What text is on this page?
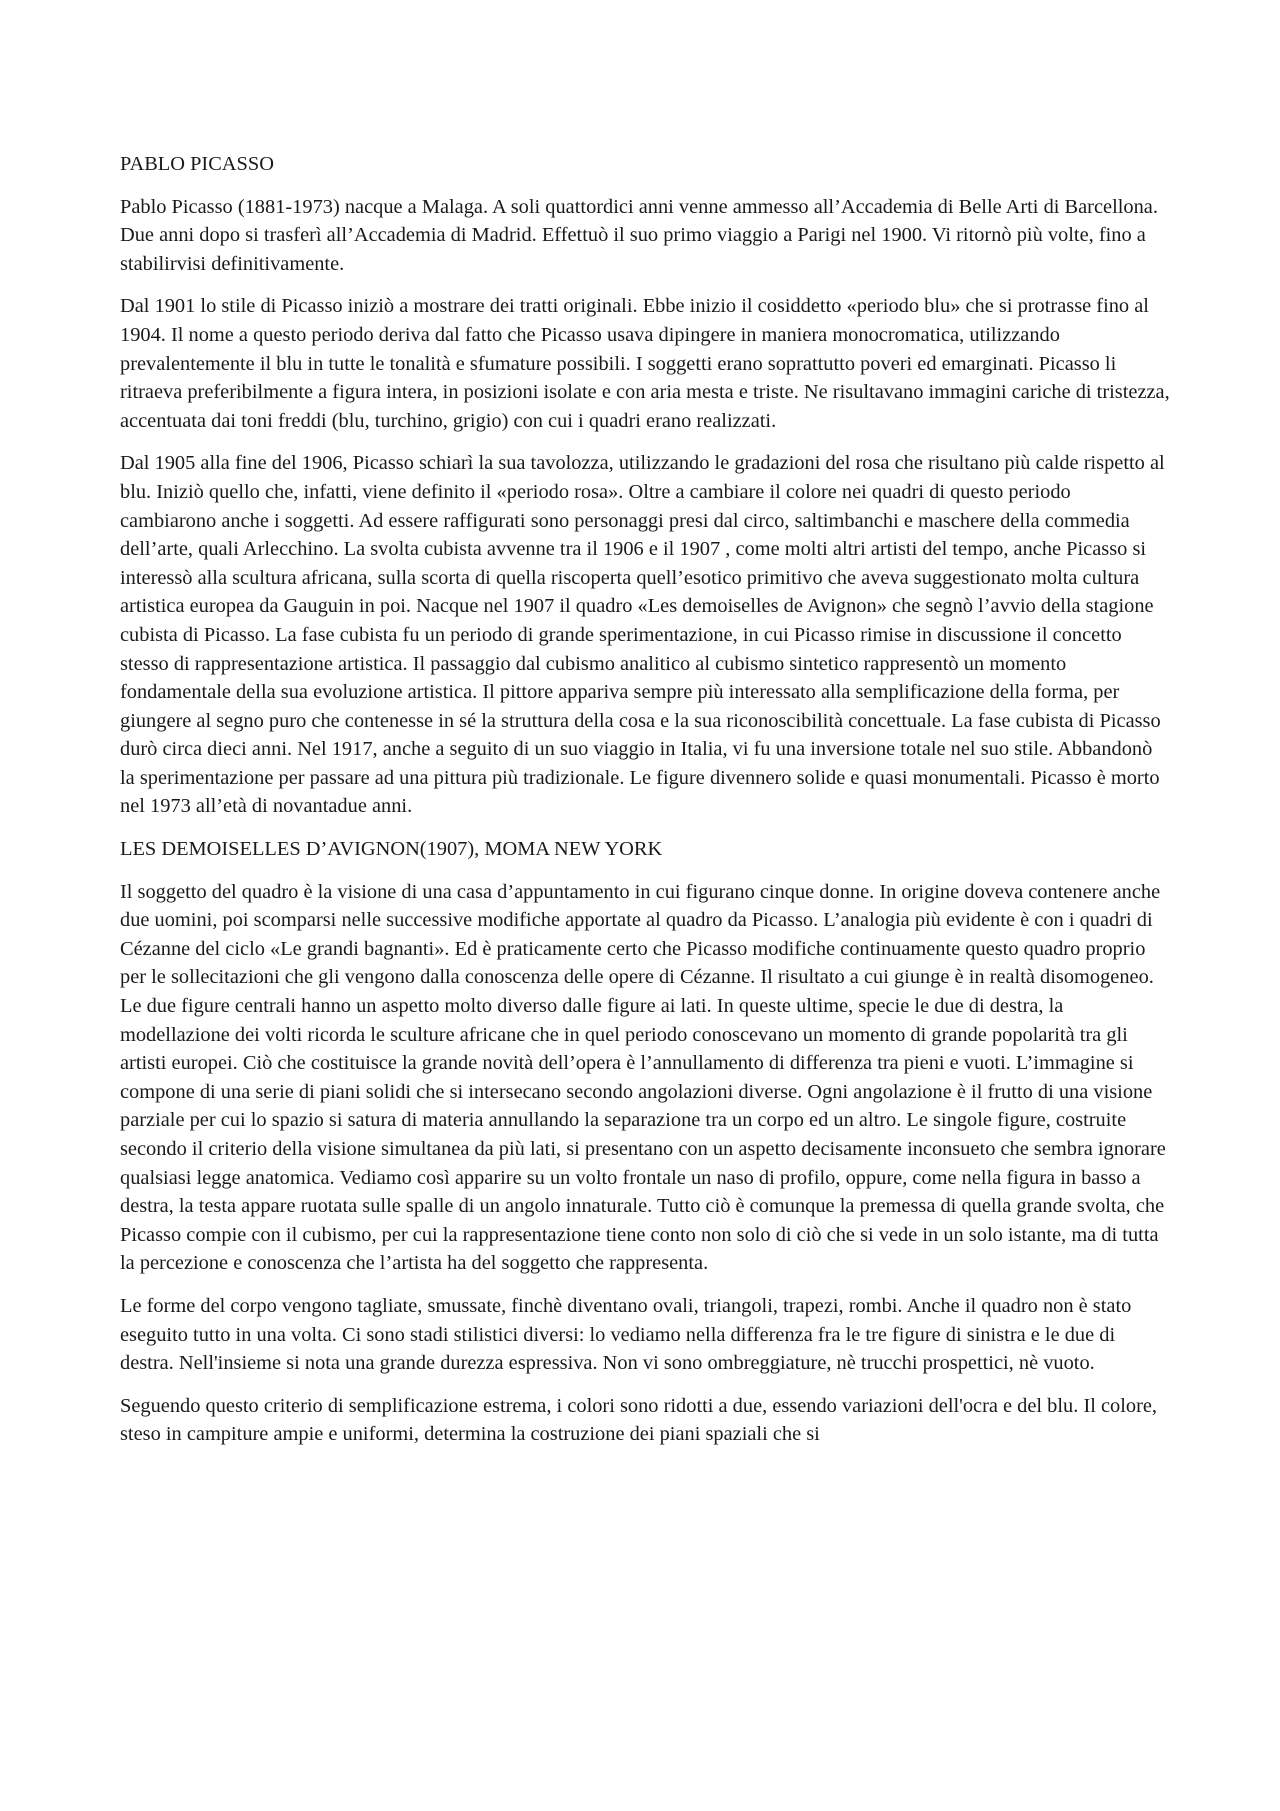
PABLO PICASSO

Pablo Picasso (1881-1973) nacque a Malaga. A soli quattordici anni venne ammesso all’Accademia di Belle Arti di Barcellona. Due anni dopo si trasferì all’Accademia di Madrid. Effettuò il suo primo viaggio a Parigi nel 1900. Vi ritornò più volte, fino a stabilirvisi definitivamente.

Dal 1901 lo stile di Picasso iniziò a mostrare dei tratti originali. Ebbe inizio il cosiddetto «periodo blu» che si protrasse fino al 1904. Il nome a questo periodo deriva dal fatto che Picasso usava dipingere in maniera monocromatica, utilizzando prevalentemente il blu in tutte le tonalità e sfumature possibili. I soggetti erano soprattutto poveri ed emarginati. Picasso li ritraeva preferibilmente a figura intera, in posizioni isolate e con aria mesta e triste. Ne risultavano immagini cariche di tristezza, accentuata dai toni freddi (blu, turchino, grigio) con cui i quadri erano realizzati.

Dal 1905 alla fine del 1906, Picasso schiarì la sua tavolozza, utilizzando le gradazioni del rosa che risultano più calde rispetto al blu. Iniziò quello che, infatti, viene definito il «periodo rosa». Oltre a cambiare il colore nei quadri di questo periodo cambiarono anche i soggetti. Ad essere raffigurati sono personaggi presi dal circo, saltimbanchi e maschere della commedia dell’arte, quali Arlecchino. La svolta cubista avvenne tra il 1906 e il 1907 , come molti altri artisti del tempo, anche Picasso si interessò alla scultura africana, sulla scorta di quella riscoperta quell’esotico primitivo che aveva suggestionato molta cultura artistica europea da Gauguin in poi. Nacque nel 1907 il quadro «Les demoiselles de Avignon» che segnò l’avvio della stagione cubista di Picasso. La fase cubista fu un periodo di grande sperimentazione, in cui Picasso rimise in discussione il concetto stesso di rappresentazione artistica. Il passaggio dal cubismo analitico al cubismo sintetico rappresentò un momento fondamentale della sua evoluzione artistica. Il pittore appariva sempre più interessato alla semplificazione della forma, per giungere al segno puro che contenesse in sé la struttura della cosa e la sua riconoscibilità concettuale. La fase cubista di Picasso durò circa dieci anni. Nel 1917, anche a seguito di un suo viaggio in Italia, vi fu una inversione totale nel suo stile. Abbandonò la sperimentazione per passare ad una pittura più tradizionale. Le figure divennero solide e quasi monumentali. Picasso è morto nel 1973 all’età di novantadue anni.

LES DEMOISELLES D’AVIGNON(1907), MOMA NEW YORK

Il soggetto del quadro è la visione di una casa d’appuntamento in cui figurano cinque donne. In origine doveva contenere anche due uomini, poi scomparsi nelle successive modifiche apportate al quadro da Picasso. L’analogia più evidente è con i quadri di Cézanne del ciclo «Le grandi bagnanti». Ed è praticamente certo che Picasso modifiche continuamente questo quadro proprio per le sollecitazioni che gli vengono dalla conoscenza delle opere di Cézanne. Il risultato a cui giunge è in realtà disomogeneo. Le due figure centrali hanno un aspetto molto diverso dalle figure ai lati. In queste ultime, specie le due di destra, la modellazione dei volti ricorda le sculture africane che in quel periodo conoscevano un momento di grande popolarità tra gli artisti europei. Ciò che costituisce la grande novità dell’opera è l’annullamento di differenza tra pieni e vuoti. L’immagine si compone di una serie di piani solidi che si intersecano secondo angolazioni diverse. Ogni angolazione è il frutto di una visione parziale per cui lo spazio si satura di materia annullando la separazione tra un corpo ed un altro. Le singole figure, costruite secondo il criterio della visione simultanea da più lati, si presentano con un aspetto decisamente inconsueto che sembra ignorare qualsiasi legge anatomica. Vediamo così apparire su un volto frontale un naso di profilo, oppure, come nella figura in basso a destra, la testa appare ruotata sulle spalle di un angolo innaturale. Tutto ciò è comunque la premessa di quella grande svolta, che Picasso compie con il cubismo, per cui la rappresentazione tiene conto non solo di ciò che si vede in un solo istante, ma di tutta la percezione e conoscenza che l’artista ha del soggetto che rappresenta.

Le forme del corpo vengono tagliate, smussate, finchè diventano ovali, triangoli, trapezi, rombi. Anche il quadro non è stato eseguito tutto in una volta. Ci sono stadi stilistici diversi: lo vediamo nella differenza fra le tre figure di sinistra e le due di destra. Nell'insieme si nota una grande durezza espressiva. Non vi sono ombreggiature, nè trucchi prospettici, nè vuoto.

Seguendo questo criterio di semplificazione estrema, i colori sono ridotti a due, essendo variazioni dell'ocra e del blu. Il colore, steso in campiture ampie e uniformi, determina la costruzione dei piani spaziali che si
